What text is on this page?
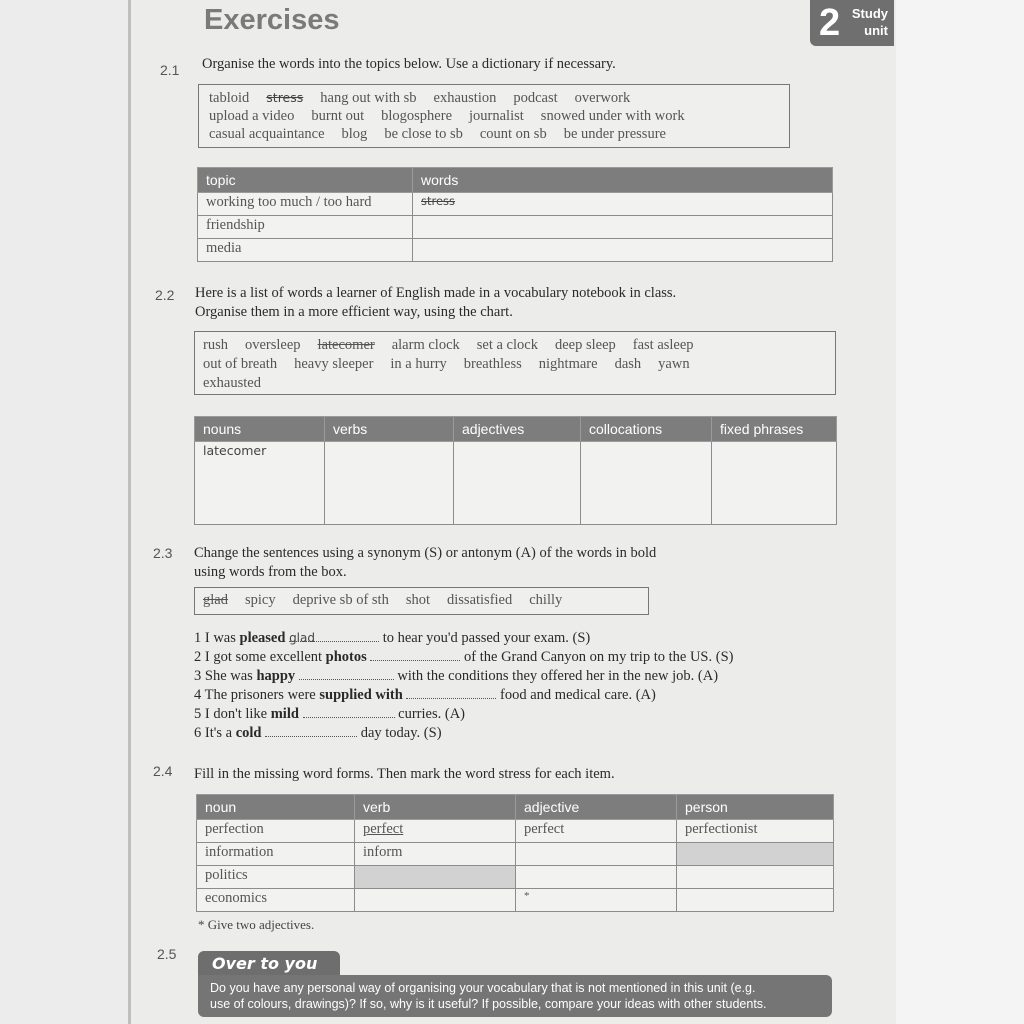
Exercises	2 Study
unit
2.1 Organise the words into the topics below. Use a dictionary if necessary.
tabloid stress hang out with sb exhaustion podcast overwork
upload a video burnt out blogosphere journalist snowed under with work
casual acquaintance blog be close to sb count on sb be under pressure
topic	words
working too much / too hard	stress
friendship	
media	
2.2 Here is a list of words a learner of English made in a vocabulary notebook in class.
Organise them in a more efficient way, using the chart.
rush oversleep latecomer alarm clock set a clock deep sleep fast asleep
out of breath heavy sleeper in a hurry breathless nightmare dash yawn
exhausted
nouns	verbs	adjectives	collocations	fixed phrases
latecomer				
2.3 Change the sentences using a synonym (S) or antonym (A) of the words in bold
using words from the box.
glad spicy deprive sb of sth shot dissatisfied chilly
1 I was pleased glad	to hear you'd passed your exam. (S)
2 I got some excellent photos	of the Grand Canyon on my trip to the US. (S)
3 She was happy	with the conditions they offered her in the new job. (A)
4 The prisoners were supplied with	food and medical care. (A)
5 I don't like mild	curries. (A)
6 It's a cold	day today. (S)
2.4 Fill in the missing word forms. Then mark the word stress for each item.
noun	verb	adjective	person
perfection	perfect	perfect	perfectionist
information	inform		
politics			
economics		*	
* Give two adjectives.
2.5	Over to you
Do you have any personal way of organising your vocabulary that is not mentioned in this unit (e.g.
use of colours, drawings)? If so, why is it useful? If possible, compare your ideas with other students.
